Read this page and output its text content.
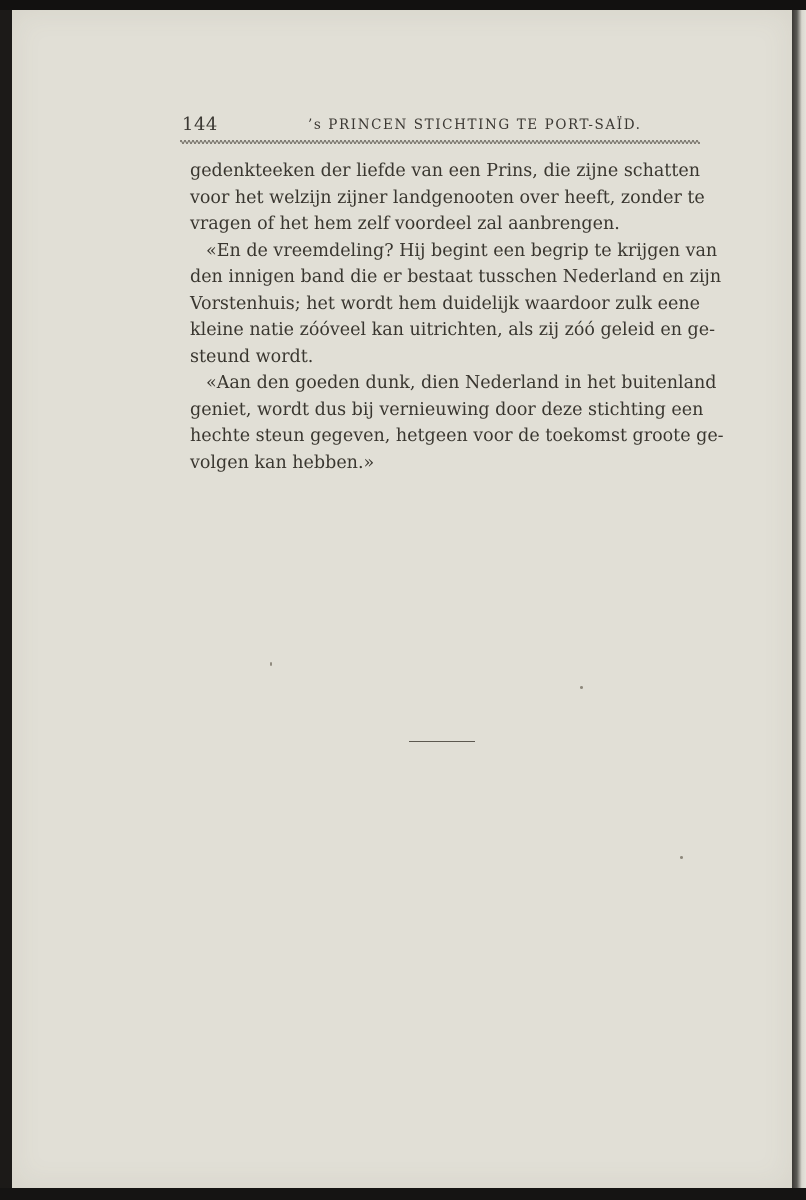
144	’s PRINCEN STICHTING TE PORT-SAÏD.
gedenkteeken der liefde van een Prins, die zijne schatten
voor het welzijn zijner landgenooten over heeft, zonder te
vragen of het hem zelf voordeel zal aanbrengen.
«En de vreemdeling? Hij begint een begrip te krijgen van
den innigen band die er bestaat tusschen Nederland en zijn
Vorstenhuis; het wordt hem duidelijk waardoor zulk eene
kleine natie zóóveel kan uitrichten, als zij zóó geleid en ge-
steund wordt.
«Aan den goeden dunk, dien Nederland in het buitenland
geniet, wordt dus bij vernieuwing door deze stichting een
hechte steun gegeven, hetgeen voor de toekomst groote ge-
volgen kan hebben.»
